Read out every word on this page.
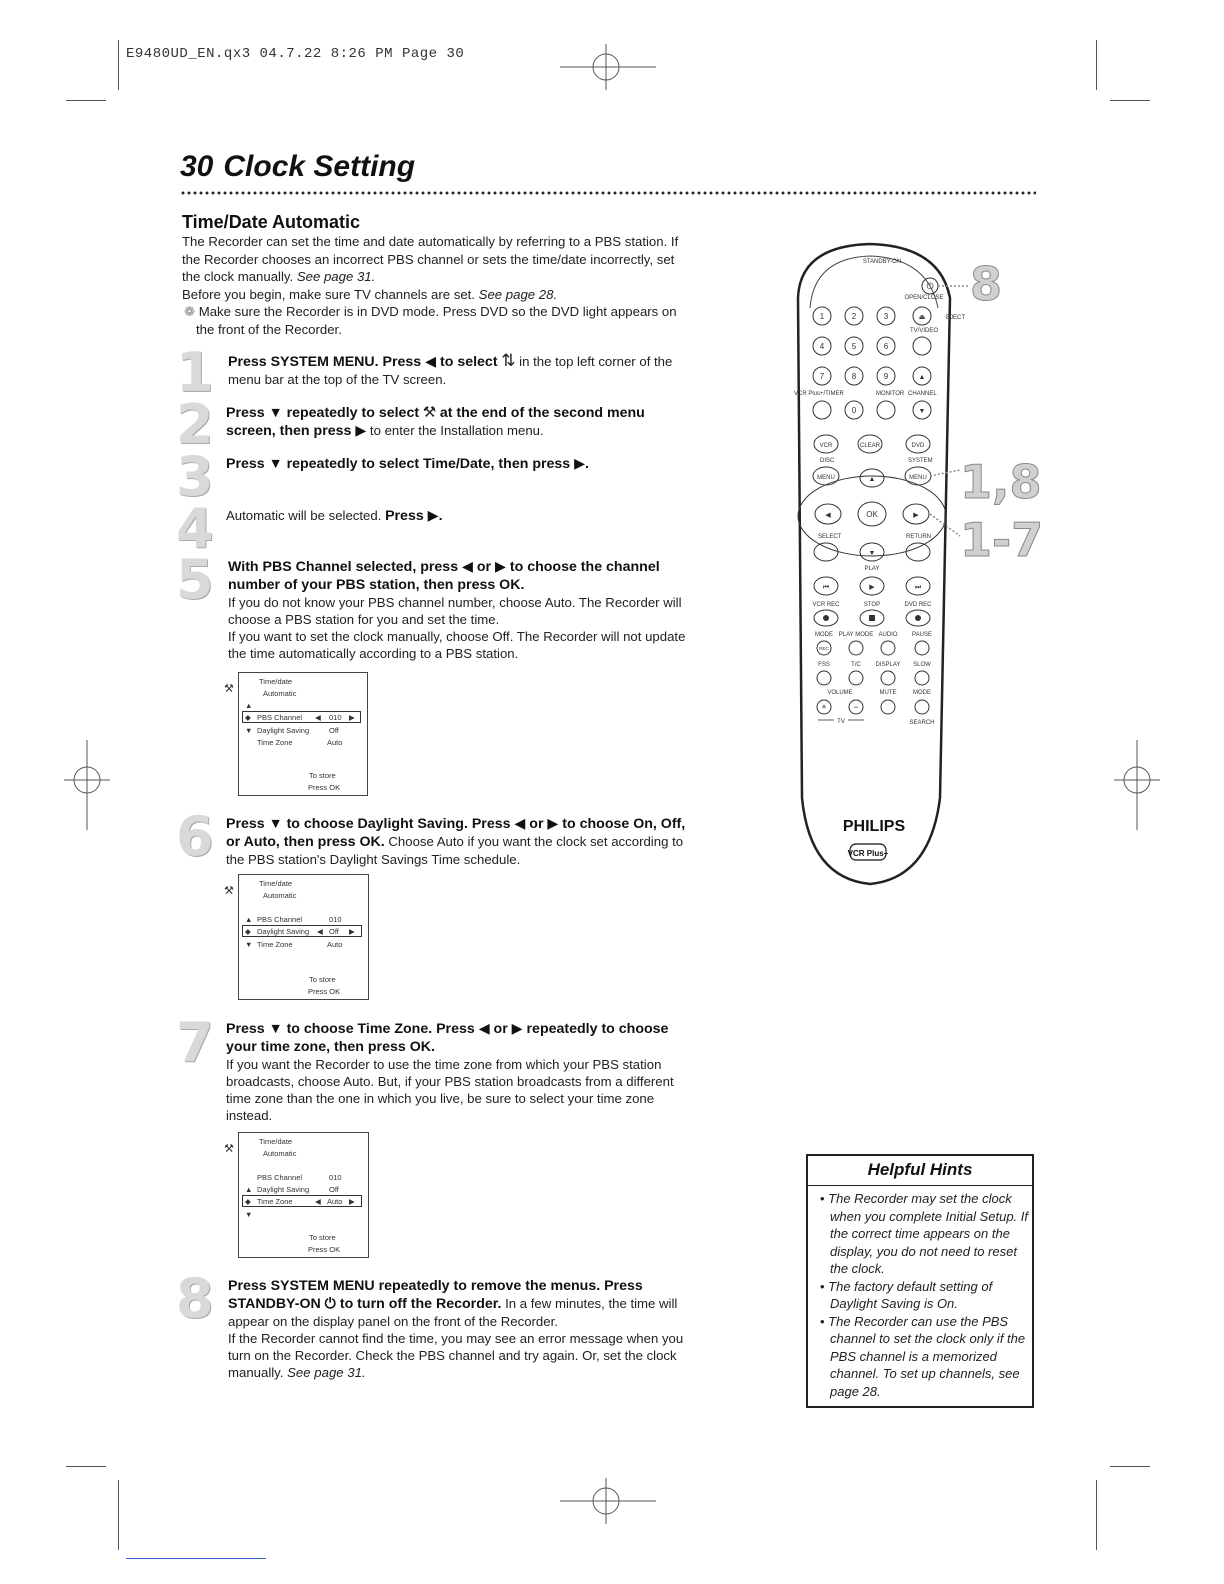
E9480UD_EN.qx3 04.7.22 8:26 PM Page 30
30 Clock Setting
Time/Date Automatic

The Recorder can set the time and date automatically by referring to a PBS station. If the Recorder chooses an incorrect PBS channel or sets the time/date incorrectly, set the clock manually. See page 31.

Before you begin, make sure TV channels are set. See page 28.

❁ Make sure the Recorder is in DVD mode. Press DVD so the DVD light appears on the front of the Recorder.

1 Press SYSTEM MENU. Press ◀ to select ⇅ in the top left corner of the menu bar at the top of the TV screen.
2 Press ▼ repeatedly to select ⚒ at the end of the second menu screen, then press ▶ to enter the Installation menu.
3 Press ▼ repeatedly to select Time/Date, then press ▶.
4 Automatic will be selected. Press ▶.
5 With PBS Channel selected, press ◀ or ▶ to choose the channel number of your PBS station, then press OK.
If you do not know your PBS channel number, choose Auto. The Recorder will choose a PBS station for you and set the time.
If you want to set the clock manually, choose Off. The Recorder will not update the time automatically according to a PBS station.
⚒
Time/date
Automatic
▲
◆ PBS Channel ◀ 010 ▶
▼ Daylight Saving	Off
Time Zone	Auto
To store
Press OK
6 Press ▼ to choose Daylight Saving. Press ◀ or ▶ to choose On, Off, or Auto, then press OK. Choose Auto if you want the clock set according to the PBS station's Daylight Savings Time schedule.
⚒
Time/date
Automatic
▲ PBS Channel	010
◆ Daylight Saving ◀ Off ▶
▼ Time Zone	Auto
To store
Press OK
7 Press ▼ to choose Time Zone. Press ◀ or ▶ repeatedly to choose your time zone, then press OK.
If you want the Recorder to use the time zone from which your PBS station broadcasts, choose Auto. But, if your PBS station broadcasts from a different time zone than the one in which you live, be sure to select your time zone instead.
⚒
Time/date
Automatic
PBS Channel	010
▲ Daylight Saving	Off
◆ Time Zone	◀ Auto ▶
▼
To store
Press OK
8 Press SYSTEM MENU repeatedly to remove the menus. Press STANDBY-ON ⏻ to turn off the Recorder. In a few minutes, the time will appear on the display panel on the front of the Recorder.
If the Recorder cannot find the time, you may see an error message when you turn on the Recorder. Check the PBS channel and try again. Or, set the clock manually. See page 31.
STANDBY-ON
⏻
OPEN/CLOSE
1	2	3
4	5	6
7	8	9
0
⏏	EJECT
TV/VIDEO
▲
VCR Plus+/TIMER	MONITOR CHANNEL
▼
VCR	CLEAR	DVD
DISC	SYSTEM
MENU	MENU
▲
◀	OK	▶
SELECT	RETURN
▼
PLAY
⏮	▶	⏭
VCR REC	STOP	DVD REC
MODE PLAY MODE AUDIO PAUSE
REC
FSS	T/C DISPLAY SLOW
VOLUME	MUTE	MODE
+	−
TV	SEARCH
PHILIPS
VCR Plus+
8
1,8
1-7
Helpful Hints
• The Recorder may set the clock when you complete Initial Setup. If the correct time appears on the display, you do not need to reset the clock.
• The factory default setting of Daylight Saving is On.
• The Recorder can use the PBS channel to set the clock only if the PBS channel is a memorized channel. To set up channels, see page 28.
